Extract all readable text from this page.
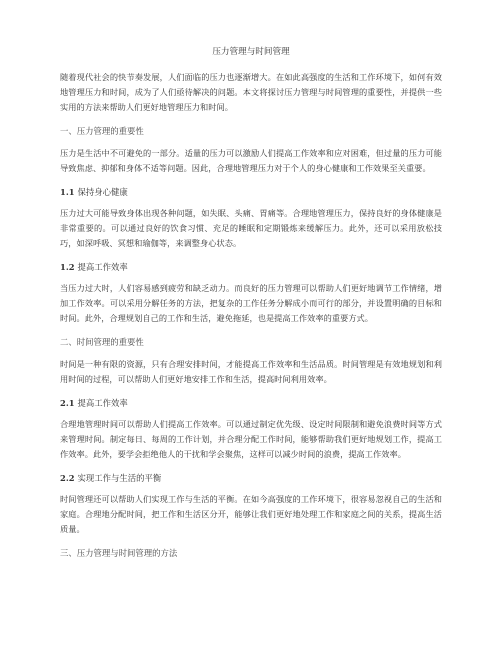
压力管理与时间管理

随着现代社会的快节奏发展，人们面临的压力也逐渐增大。在如此高强度的生活和工作环境下，如何有效地管理压力和时间，成为了人们亟待解决的问题。本文将探讨压力管理与时间管理的重要性，并提供一些实用的方法来帮助人们更好地管理压力和时间。

一、压力管理的重要性

压力是生活中不可避免的一部分。适量的压力可以激励人们提高工作效率和应对困难，但过量的压力可能导致焦虑、抑郁和身体不适等问题。因此，合理地管理压力对于个人的身心健康和工作效果至关重要。

1.1 保持身心健康

压力过大可能导致身体出现各种问题，如失眠、头痛、胃痛等。合理地管理压力，保持良好的身体健康是非常重要的。可以通过良好的饮食习惯、充足的睡眠和定期锻炼来缓解压力。此外，还可以采用放松技巧，如深呼吸、冥想和瑜伽等，来调整身心状态。

1.2 提高工作效率

当压力过大时，人们容易感到疲劳和缺乏动力。而良好的压力管理可以帮助人们更好地调节工作情绪，增加工作效率。可以采用分解任务的方法，把复杂的工作任务分解成小而可行的部分，并设置明确的目标和时间。此外，合理规划自己的工作和生活，避免拖延，也是提高工作效率的重要方式。

二、时间管理的重要性

时间是一种有限的资源，只有合理安排时间，才能提高工作效率和生活品质。时间管理是有效地规划和利用时间的过程，可以帮助人们更好地安排工作和生活，提高时间利用效率。

2.1 提高工作效率

合理地管理时间可以帮助人们提高工作效率。可以通过制定优先级、设定时间限制和避免浪费时间等方式来管理时间。制定每日、每周的工作计划，并合理分配工作时间，能够帮助我们更好地规划工作，提高工作效率。此外，要学会拒绝他人的干扰和学会聚焦，这样可以减少时间的浪费，提高工作效率。

2.2 实现工作与生活的平衡

时间管理还可以帮助人们实现工作与生活的平衡。在如今高强度的工作环境下，很容易忽视自己的生活和家庭。合理地分配时间，把工作和生活区分开，能够让我们更好地处理工作和家庭之间的关系，提高生活质量。

三、压力管理与时间管理的方法
